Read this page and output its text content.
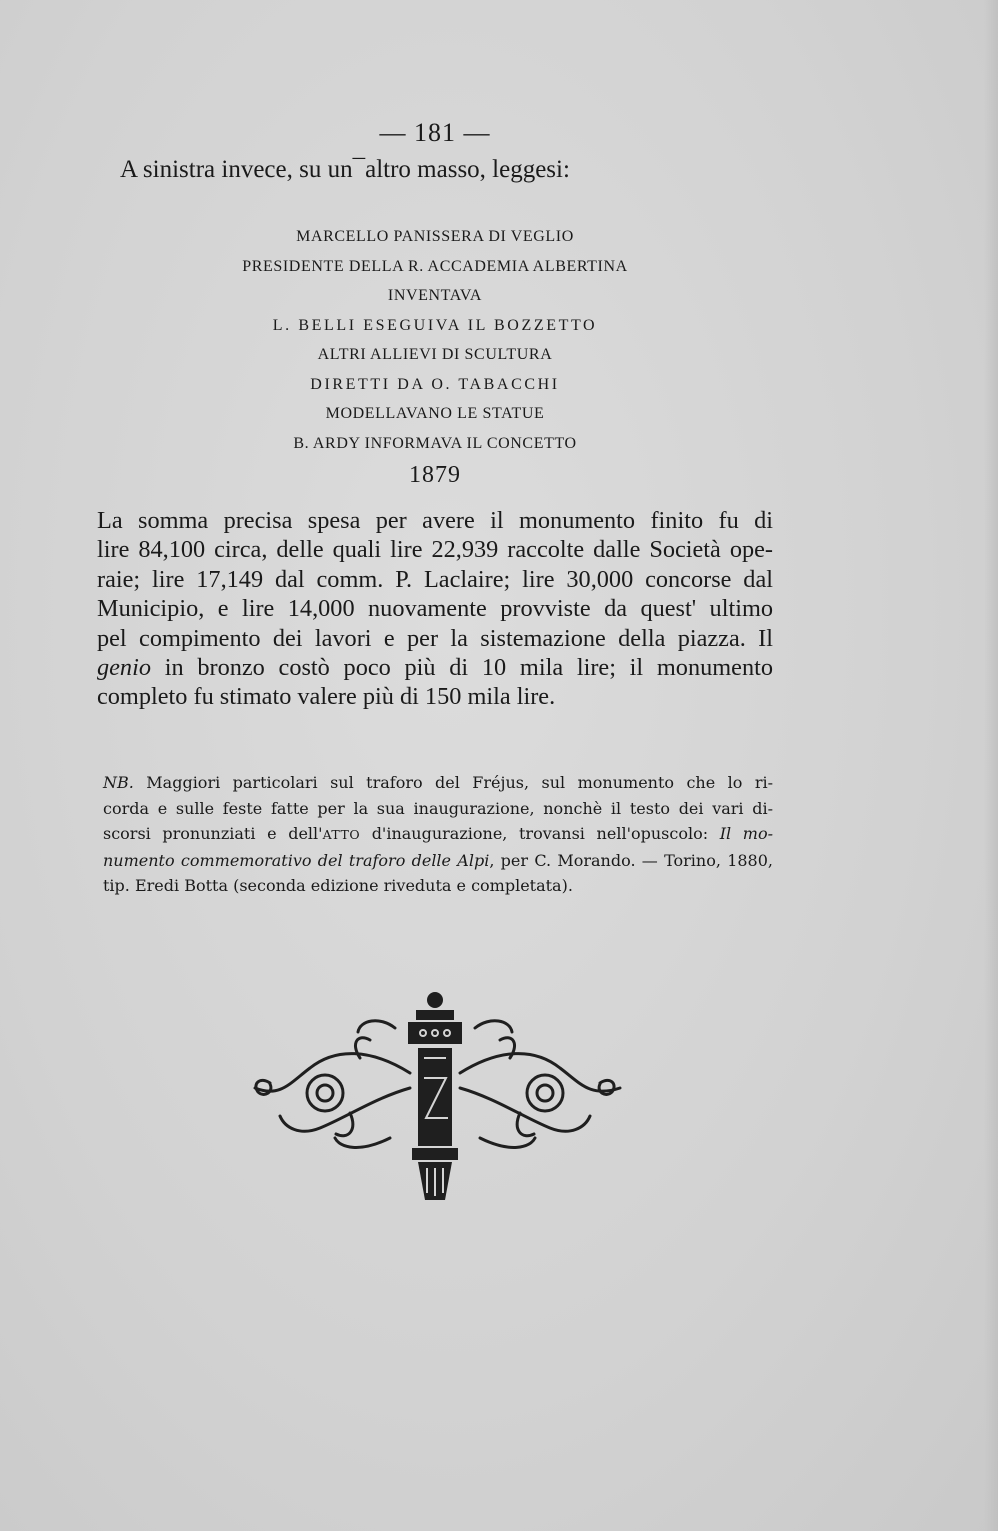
— 181 —
A sinistra invece, su un¯altro masso, leggesi:
MARCELLO PANISSERA DI VEGLIO
PRESIDENTE DELLA R. ACCADEMIA ALBERTINA
INVENTAVA
L. BELLI ESEGUIVA IL BOZZETTO
ALTRI ALLIEVI DI SCULTURA
DIRETTI DA O. TABACCHI
MODELLAVANO LE STATUE
B. ARDY INFORMAVA IL CONCETTO
1879
La somma precisa spesa per avere il monumento finito fu di
lire 84,100 circa, delle quali lire 22,939 raccolte dalle Società ope-
raie; lire 17,149 dal comm. P. Laclaire; lire 30,000 concorse dal
Municipio, e lire 14,000 nuovamente provviste da quest' ultimo
pel compimento dei lavori e per la sistemazione della piazza. Il
genio in bronzo costò poco più di 10 mila lire; il monumento
completo fu stimato valere più di 150 mila lire.
NB. Maggiori particolari sul traforo del Fréjus, sul monumento che lo ri-
corda e sulle feste fatte per la sua inaugurazione, nonchè il testo dei vari di-
scorsi pronunziati e dell'ATTO d'inaugurazione, trovansi nell'opuscolo: Il mo-
numento commemorativo del traforo delle Alpi, per C. Morando. — Torino, 1880,
tip. Eredi Botta (seconda edizione riveduta e completata).
